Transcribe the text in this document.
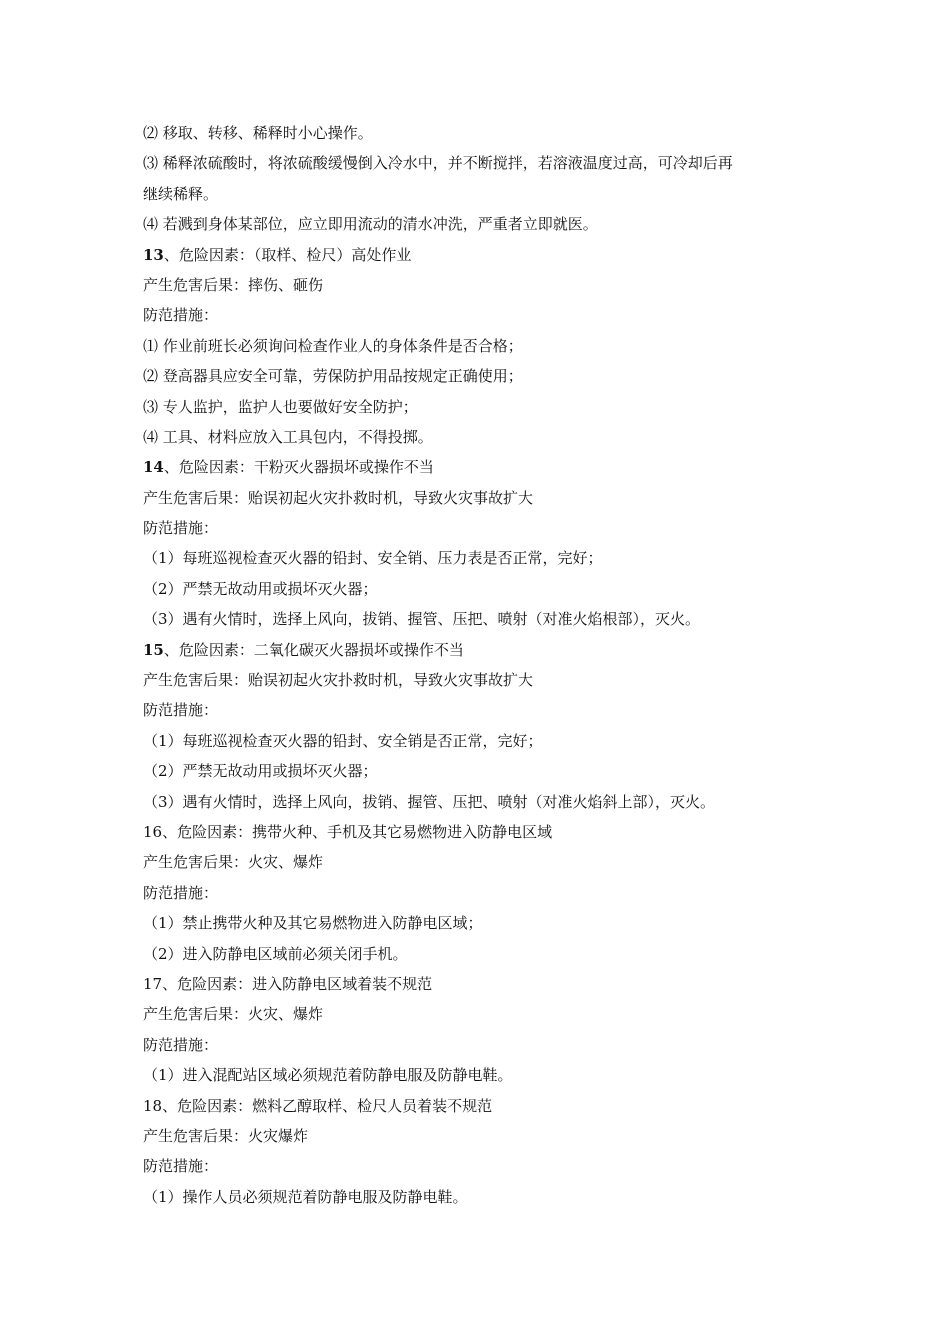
⑵ 移取、转移、稀释时小心操作。
⑶ 稀释浓硫酸时，将浓硫酸缓慢倒入冷水中，并不断搅拌，若溶液温度过高，可冷却后再
继续稀释。
⑷ 若溅到身体某部位，应立即用流动的清水冲洗，严重者立即就医。
13、危险因素：（取样、检尺）高处作业
产生危害后果：摔伤、砸伤
防范措施：
⑴ 作业前班长必须询问检查作业人的身体条件是否合格；
⑵ 登高器具应安全可靠，劳保防护用品按规定正确使用；
⑶ 专人监护，监护人也要做好安全防护；
⑷ 工具、材料应放入工具包内，不得投掷。
14、危险因素：干粉灭火器损坏或操作不当
产生危害后果：贻误初起火灾扑救时机，导致火灾事故扩大
防范措施：
（1）每班巡视检查灭火器的铅封、安全销、压力表是否正常，完好；
（2）严禁无故动用或损坏灭火器；
（3）遇有火情时，选择上风向，拔销、握管、压把、喷射（对准火焰根部），灭火。
15、危险因素：二氧化碳灭火器损坏或操作不当
产生危害后果：贻误初起火灾扑救时机，导致火灾事故扩大
防范措施：
（1）每班巡视检查灭火器的铅封、安全销是否正常，完好；
（2）严禁无故动用或损坏灭火器；
（3）遇有火情时，选择上风向，拔销、握管、压把、喷射（对准火焰斜上部），灭火。
16、危险因素：携带火种、手机及其它易燃物进入防静电区域
产生危害后果：火灾、爆炸
防范措施：
（1）禁止携带火种及其它易燃物进入防静电区域；
（2）进入防静电区域前必须关闭手机。
17、危险因素：进入防静电区域着装不规范
产生危害后果：火灾、爆炸
防范措施：
（1）进入混配站区域必须规范着防静电服及防静电鞋。
18、危险因素：燃料乙醇取样、检尺人员着装不规范
产生危害后果：火灾爆炸
防范措施：
（1）操作人员必须规范着防静电服及防静电鞋。
